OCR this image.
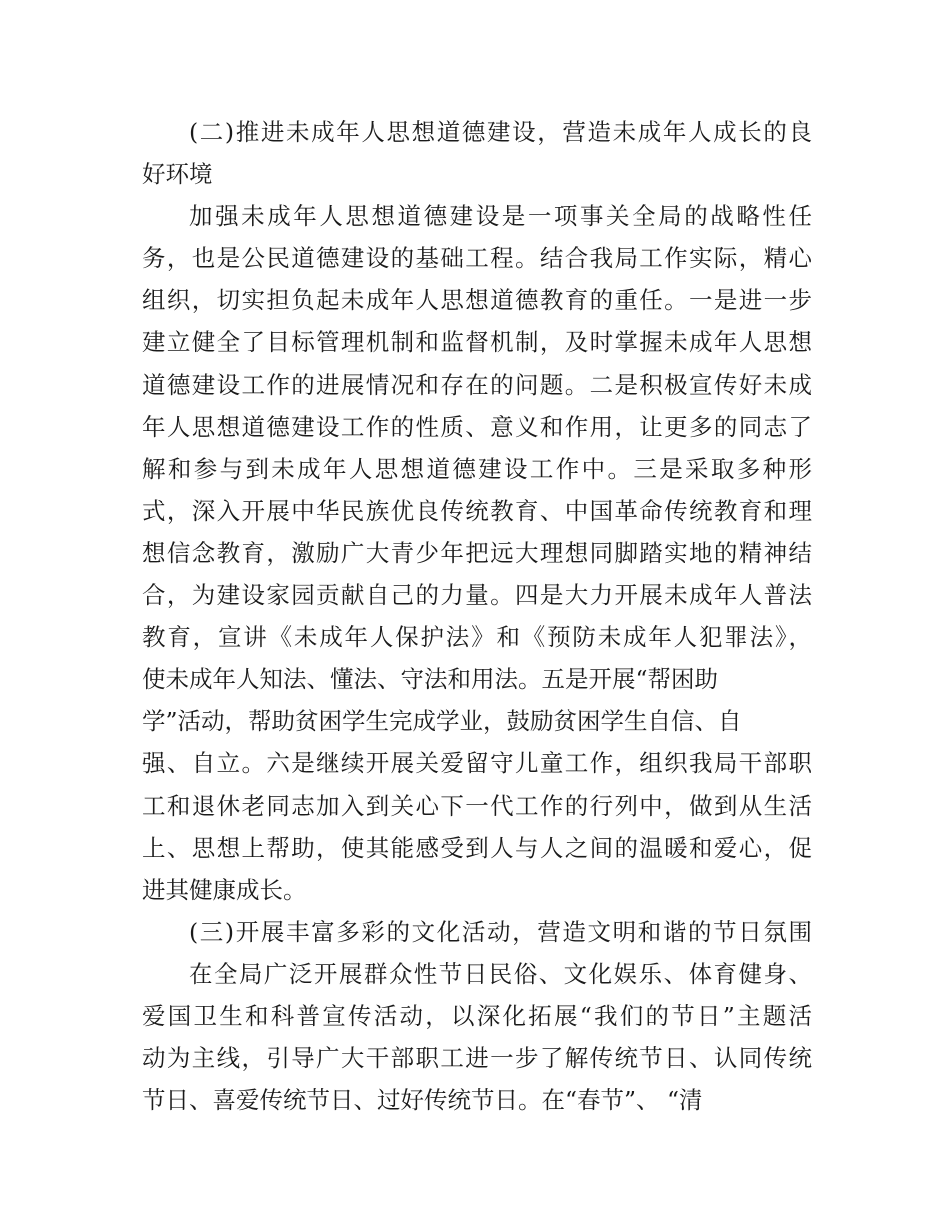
(二)推进未成年人思想道德建设，营造未成年人成长的良
好环境
加强未成年人思想道德建设是一项事关全局的战略性任
务，也是公民道德建设的基础工程。结合我局工作实际，精心
组织，切实担负起未成年人思想道德教育的重任。一是进一步
建立健全了目标管理机制和监督机制，及时掌握未成年人思想
道德建设工作的进展情况和存在的问题。二是积极宣传好未成
年人思想道德建设工作的性质、意义和作用，让更多的同志了
解和参与到未成年人思想道德建设工作中。三是采取多种形
式，深入开展中华民族优良传统教育、中国革命传统教育和理
想信念教育，激励广大青少年把远大理想同脚踏实地的精神结
合，为建设家园贡献自己的力量。四是大力开展未成年人普法
教育，宣讲《未成年人保护法》和《预防未成年人犯罪法》，
使未成年人知法、懂法、守法和用法。五是开展“帮困助
学”活动，帮助贫困学生完成学业，鼓励贫困学生自信、自
强、自立。六是继续开展关爱留守儿童工作，组织我局干部职
工和退休老同志加入到关心下一代工作的行列中，做到从生活
上、思想上帮助，使其能感受到人与人之间的温暖和爱心，促
进其健康成长。
(三)开展丰富多彩的文化活动，营造文明和谐的节日氛围
在全局广泛开展群众性节日民俗、文化娱乐、体育健身、
爱国卫生和科普宣传活动，以深化拓展“我们的节日”主题活
动为主线，引导广大干部职工进一步了解传统节日、认同传统
节日、喜爱传统节日、过好传统节日。在“春节”、 “清
